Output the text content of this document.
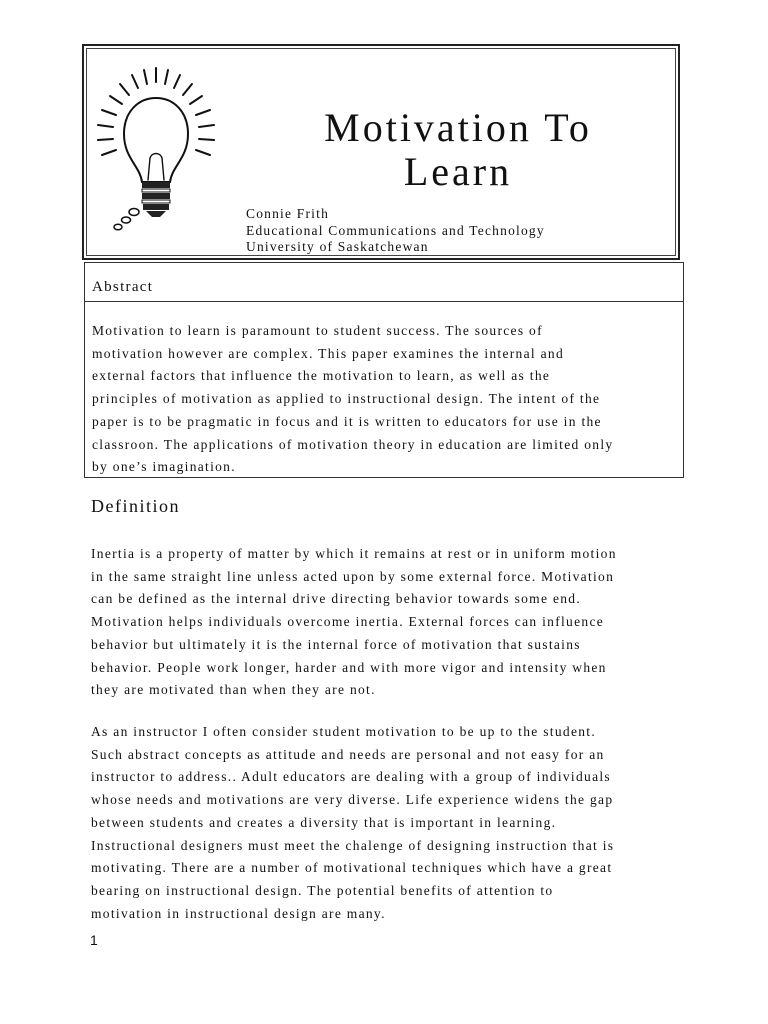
Motivation To
Learn
Connie Frith
Educational Communications and Technology
University of Saskatchewan
Abstract
Motivation to learn is paramount to student success. The sources of
motivation however are complex. This paper examines the internal and
external factors that influence the motivation to learn, as well as the
principles of motivation as applied to instructional design. The intent of the
paper is to be pragmatic in focus and it is written to educators for use in the
classroon. The applications of motivation theory in education are limited only
by one’s imagination.
Definition
Inertia is a property of matter by which it remains at rest or in uniform motion
in the same straight line unless acted upon by some external force. Motivation
can be defined as the internal drive directing behavior towards some end.
Motivation helps individuals overcome inertia. External forces can influence
behavior but ultimately it is the internal force of motivation that sustains
behavior. People work longer, harder and with more vigor and intensity when
they are motivated than when they are not.
As an instructor I often consider student motivation to be up to the student.
Such abstract concepts as attitude and needs are personal and not easy for an
instructor to address.. Adult educators are dealing with a group of individuals
whose needs and motivations are very diverse. Life experience widens the gap
between students and creates a diversity that is important in learning.
Instructional designers must meet the chalenge of designing instruction that is
motivating. There are a number of motivational techniques which have a great
bearing on instructional design. The potential benefits of attention to
motivation in instructional design are many.
1
